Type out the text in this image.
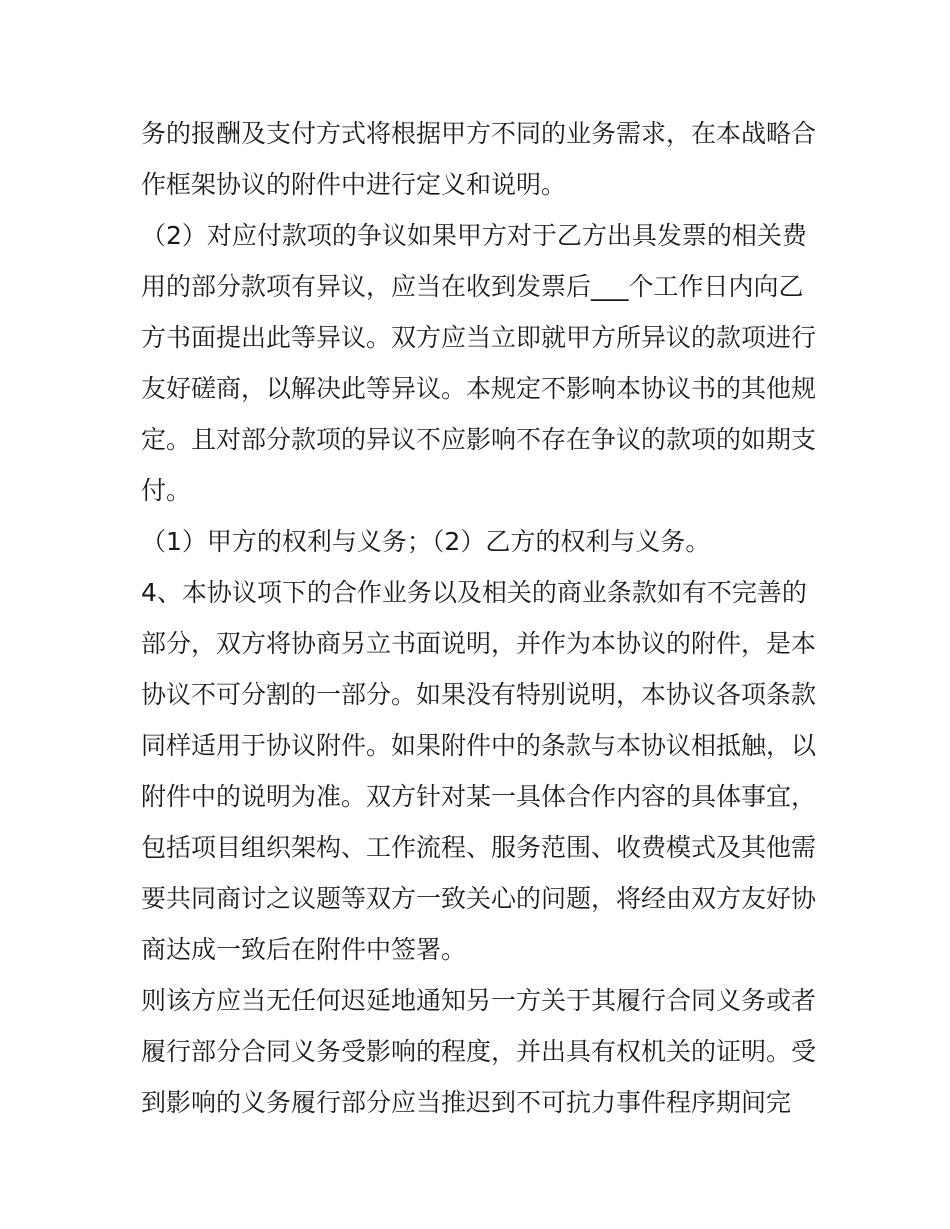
务的报酬及支付方式将根据甲方不同的业务需求，在本战略合
作框架协议的附件中进行定义和说明。
（2）对应付款项的争议如果甲方对于乙方出具发票的相关费
用的部分款项有异议，应当在收到发票后___个工作日内向乙
方书面提出此等异议。双方应当立即就甲方所异议的款项进行
友好磋商，以解决此等异议。本规定不影响本协议书的其他规
定。且对部分款项的异议不应影响不存在争议的款项的如期支
付。
（1）甲方的权利与义务；（2）乙方的权利与义务。
4、本协议项下的合作业务以及相关的商业条款如有不完善的
部分，双方将协商另立书面说明，并作为本协议的附件，是本
协议不可分割的一部分。如果没有特别说明，本协议各项条款
同样适用于协议附件。如果附件中的条款与本协议相抵触，以
附件中的说明为准。双方针对某一具体合作内容的具体事宜，
包括项目组织架构、工作流程、服务范围、收费模式及其他需
要共同商讨之议题等双方一致关心的问题，将经由双方友好协
商达成一致后在附件中签署。
则该方应当无任何迟延地通知另一方关于其履行合同义务或者
履行部分合同义务受影响的程度，并出具有权机关的证明。受
到影响的义务履行部分应当推迟到不可抗力事件程序期间完
